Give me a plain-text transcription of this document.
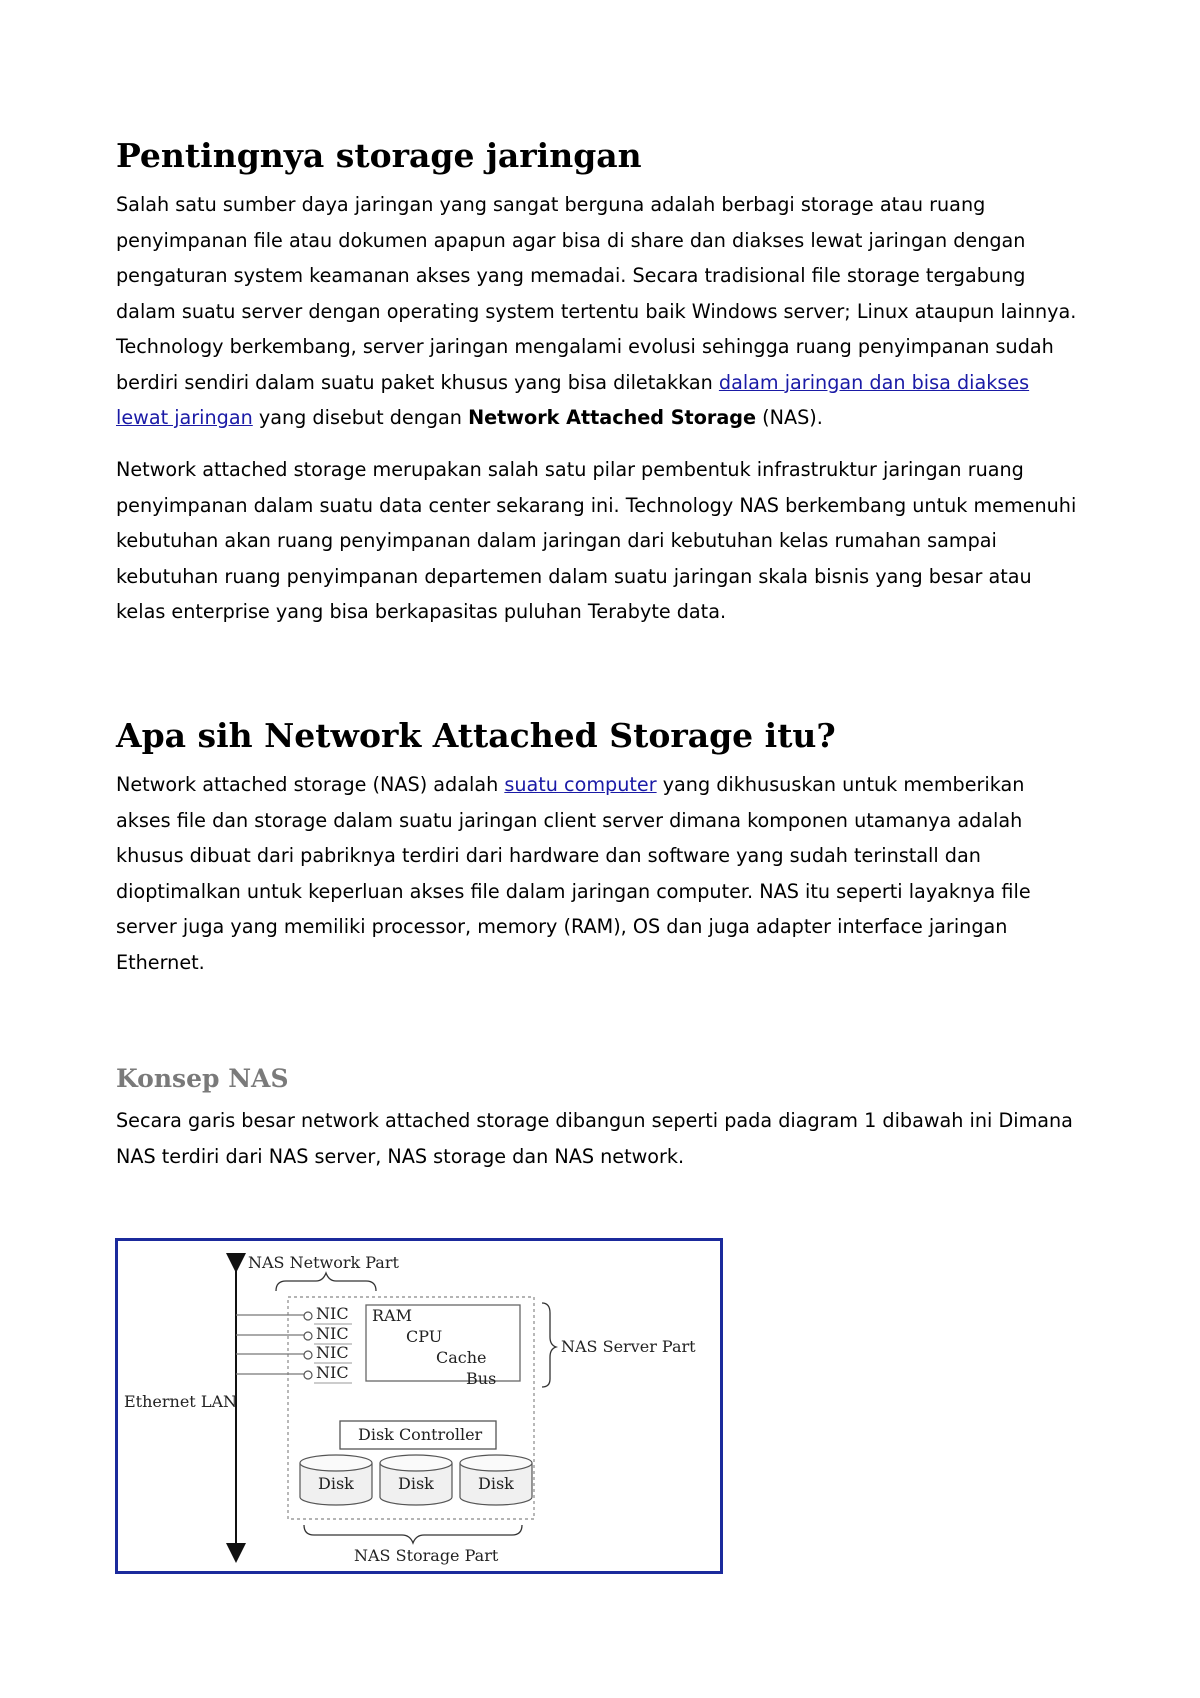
Pentingnya storage jaringan

Salah satu sumber daya jaringan yang sangat berguna adalah berbagi storage atau ruang
penyimpanan file atau dokumen apapun agar bisa di share dan diakses lewat jaringan dengan
pengaturan system keamanan akses yang memadai. Secara tradisional file storage tergabung
dalam suatu server dengan operating system tertentu baik Windows server; Linux ataupun lainnya.
Technology berkembang, server jaringan mengalami evolusi sehingga ruang penyimpanan sudah
berdiri sendiri dalam suatu paket khusus yang bisa diletakkan dalam jaringan dan bisa diakses
lewat jaringan yang disebut dengan Network Attached Storage (NAS).

Network attached storage merupakan salah satu pilar pembentuk infrastruktur jaringan ruang
penyimpanan dalam suatu data center sekarang ini. Technology NAS berkembang untuk memenuhi
kebutuhan akan ruang penyimpanan dalam jaringan dari kebutuhan kelas rumahan sampai
kebutuhan ruang penyimpanan departemen dalam suatu jaringan skala bisnis yang besar atau
kelas enterprise yang bisa berkapasitas puluhan Terabyte data.

Apa sih Network Attached Storage itu?

Network attached storage (NAS) adalah suatu computer yang dikhususkan untuk memberikan
akses file dan storage dalam suatu jaringan client server dimana komponen utamanya adalah
khusus dibuat dari pabriknya terdiri dari hardware dan software yang sudah terinstall dan
dioptimalkan untuk keperluan akses file dalam jaringan computer. NAS itu seperti layaknya file
server juga yang memiliki processor, memory (RAM), OS dan juga adapter interface jaringan
Ethernet.

Konsep NAS

Secara garis besar network attached storage dibangun seperti pada diagram 1 dibawah ini Dimana
NAS terdiri dari NAS server, NAS storage dan NAS network.

Ethernet LAN
NAS Network Part
NIC
NIC
NIC
NIC
RAM
CPU
Cache
Bus
NAS Server Part
Disk Controller
Disk	Disk	Disk
NAS Storage Part
